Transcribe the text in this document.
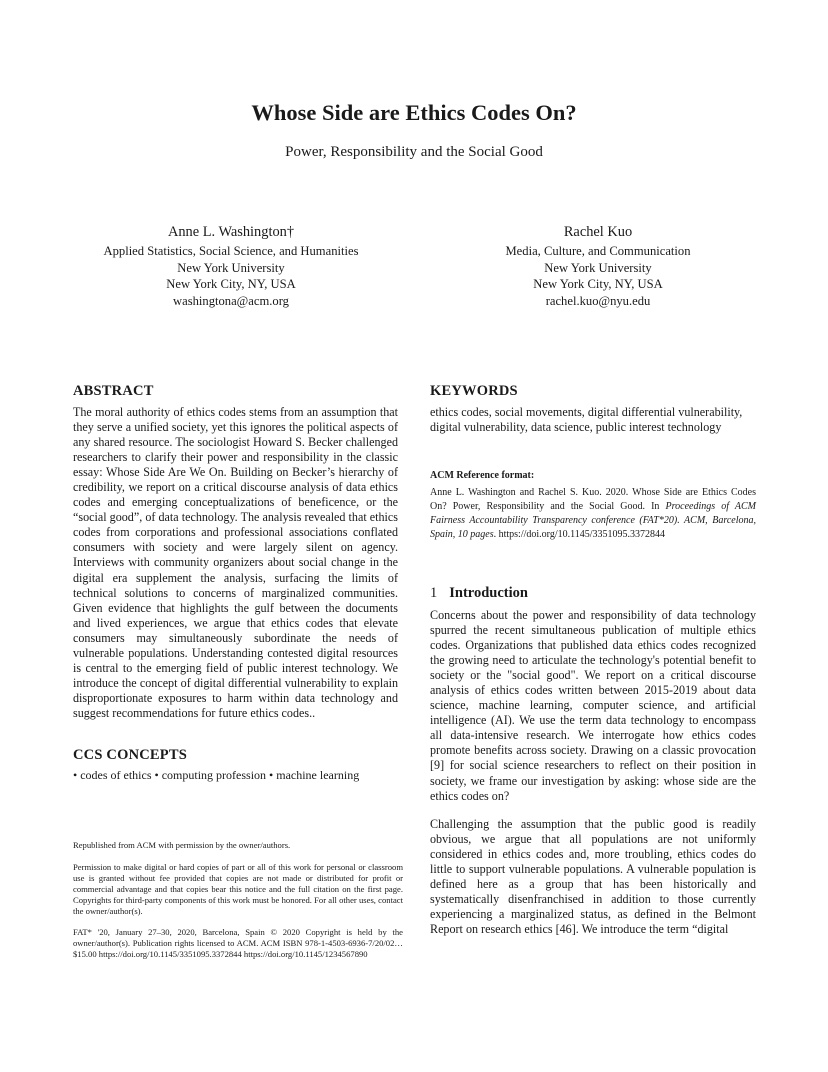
Whose Side are Ethics Codes On?
Power, Responsibility and the Social Good
Anne L. Washington†
Applied Statistics, Social Science, and Humanities
New York University
New York City, NY, USA
washingtona@acm.org
Rachel Kuo
Media, Culture, and Communication
New York University
New York City, NY, USA
rachel.kuo@nyu.edu
ABSTRACT
The moral authority of ethics codes stems from an assumption that they serve a unified society, yet this ignores the political aspects of any shared resource. The sociologist Howard S. Becker challenged researchers to clarify their power and responsibility in the classic essay: Whose Side Are We On. Building on Becker’s hierarchy of credibility, we report on a critical discourse analysis of data ethics codes and emerging conceptualizations of beneficence, or the “social good”, of data technology. The analysis revealed that ethics codes from corporations and professional associations conflated consumers with society and were largely silent on agency. Interviews with community organizers about social change in the digital era supplement the analysis, surfacing the limits of technical solutions to concerns of marginalized communities. Given evidence that highlights the gulf between the documents and lived experiences, we argue that ethics codes that elevate consumers may simultaneously subordinate the needs of vulnerable populations. Understanding contested digital resources is central to the emerging field of public interest technology. We introduce the concept of digital differential vulnerability to explain disproportionate exposures to harm within data technology and suggest recommendations for future ethics codes..
CCS CONCEPTS
• codes of ethics • computing profession • machine learning
Republished from ACM with permission by the owner/authors.
Permission to make digital or hard copies of part or all of this work for personal or classroom use is granted without fee provided that copies are not made or distributed for profit or commercial advantage and that copies bear this notice and the full citation on the first page. Copyrights for third-party components of this work must be honored. For all other uses, contact the owner/author(s).
FAT* '20, January 27–30, 2020, Barcelona, Spain © 2020 Copyright is held by the owner/author(s). Publication rights licensed to ACM. ACM ISBN 978-1-4503-6936-7/20/02…$15.00 https://doi.org/10.1145/3351095.3372844 https://doi.org/10.1145/1234567890
KEYWORDS
ethics codes, social movements, digital differential vulnerability, digital vulnerability, data science, public interest technology
ACM Reference format:
Anne L. Washington and Rachel S. Kuo. 2020. Whose Side are Ethics Codes On? Power, Responsibility and the Social Good. In Proceedings of ACM Fairness Accountability Transparency conference (FAT*20). ACM, Barcelona, Spain, 10 pages. https://doi.org/10.1145/3351095.3372844
1 Introduction
Concerns about the power and responsibility of data technology spurred the recent simultaneous publication of multiple ethics codes. Organizations that published data ethics codes recognized the growing need to articulate the technology's potential benefit to society or the "social good". We report on a critical discourse analysis of ethics codes written between 2015-2019 about data science, machine learning, computer science, and artificial intelligence (AI). We use the term data technology to encompass all data-intensive research. We interrogate how ethics codes promote benefits across society. Drawing on a classic provocation [9] for social science researchers to reflect on their position in society, we frame our investigation by asking: whose side are the ethics codes on?
Challenging the assumption that the public good is readily obvious, we argue that all populations are not uniformly considered in ethics codes and, more troubling, ethics codes do little to support vulnerable populations. A vulnerable population is defined here as a group that has been historically and systematically disenfranchised in addition to those currently experiencing a marginalized status, as defined in the Belmont Report on research ethics [46]. We introduce the term “digital
